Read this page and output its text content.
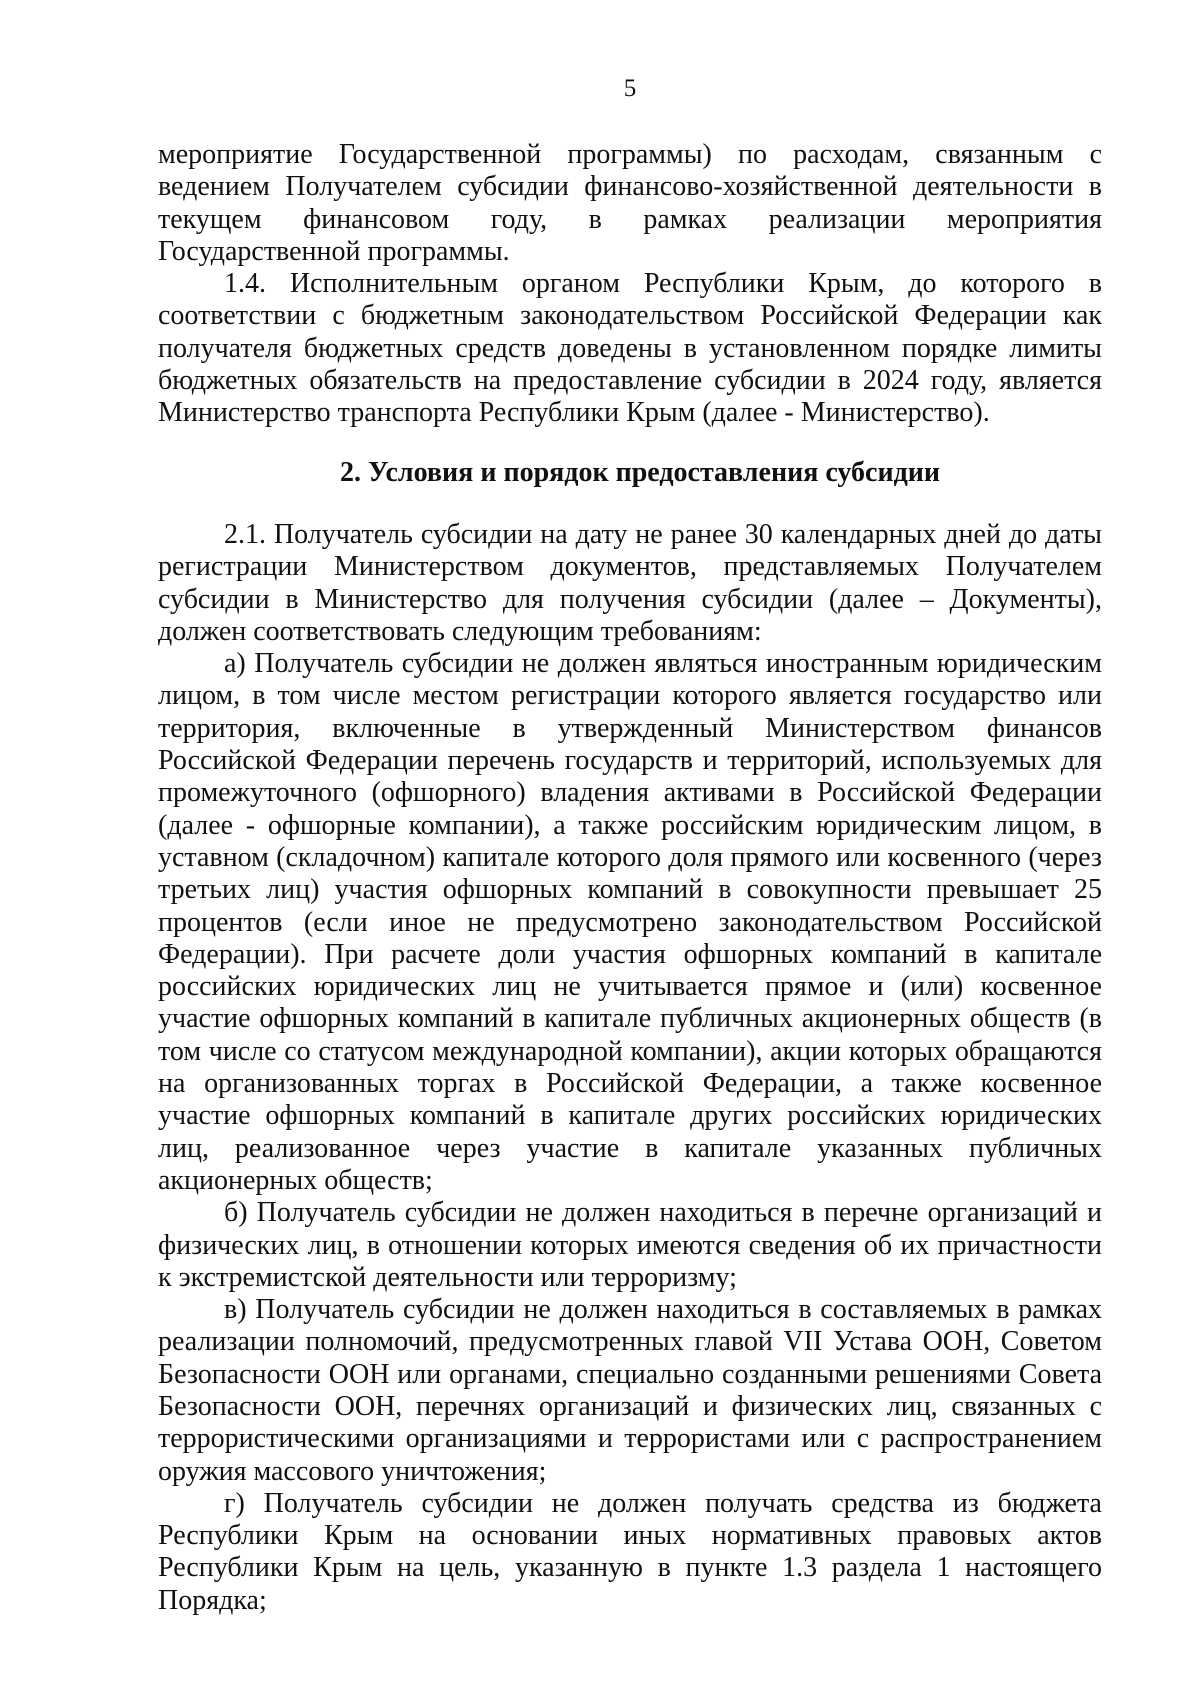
5

мероприятие Государственной программы) по расходам, связанным с ведением Получателем субсидии финансово-хозяйственной деятельности в текущем финансовом году, в рамках реализации мероприятия Государственной программы.

1.4. Исполнительным органом Республики Крым, до которого в соответствии с бюджетным законодательством Российской Федерации как получателя бюджетных средств доведены в установленном порядке лимиты бюджетных обязательств на предоставление субсидии в 2024 году, является Министерство транспорта Республики Крым (далее - Министерство).

2. Условия и порядок предоставления субсидии

2.1. Получатель субсидии на дату не ранее 30 календарных дней до даты регистрации Министерством документов, представляемых Получателем субсидии в Министерство для получения субсидии (далее – Документы), должен соответствовать следующим требованиям:

а) Получатель субсидии не должен являться иностранным юридическим лицом, в том числе местом регистрации которого является государство или территория, включенные в утвержденный Министерством финансов Российской Федерации перечень государств и территорий, используемых для промежуточного (офшорного) владения активами в Российской Федерации (далее - офшорные компании), а также российским юридическим лицом, в уставном (складочном) капитале которого доля прямого или косвенного (через третьих лиц) участия офшорных компаний в совокупности превышает 25 процентов (если иное не предусмотрено законодательством Российской Федерации). При расчете доли участия офшорных компаний в капитале российских юридических лиц не учитывается прямое и (или) косвенное участие офшорных компаний в капитале публичных акционерных обществ (в том числе со статусом международной компании), акции которых обращаются на организованных торгах в Российской Федерации, а также косвенное участие офшорных компаний в капитале других российских юридических лиц, реализованное через участие в капитале указанных публичных акционерных обществ;

б) Получатель субсидии не должен находиться в перечне организаций и физических лиц, в отношении которых имеются сведения об их причастности к экстремистской деятельности или терроризму;

в) Получатель субсидии не должен находиться в составляемых в рамках реализации полномочий, предусмотренных главой VII Устава ООН, Советом Безопасности ООН или органами, специально созданными решениями Совета Безопасности ООН, перечнях организаций и физических лиц, связанных с террористическими организациями и террористами или с распространением оружия массового уничтожения;

г) Получатель субсидии не должен получать средства из бюджета Республики Крым на основании иных нормативных правовых актов Республики Крым на цель, указанную в пункте 1.3 раздела 1 настоящего Порядка;
